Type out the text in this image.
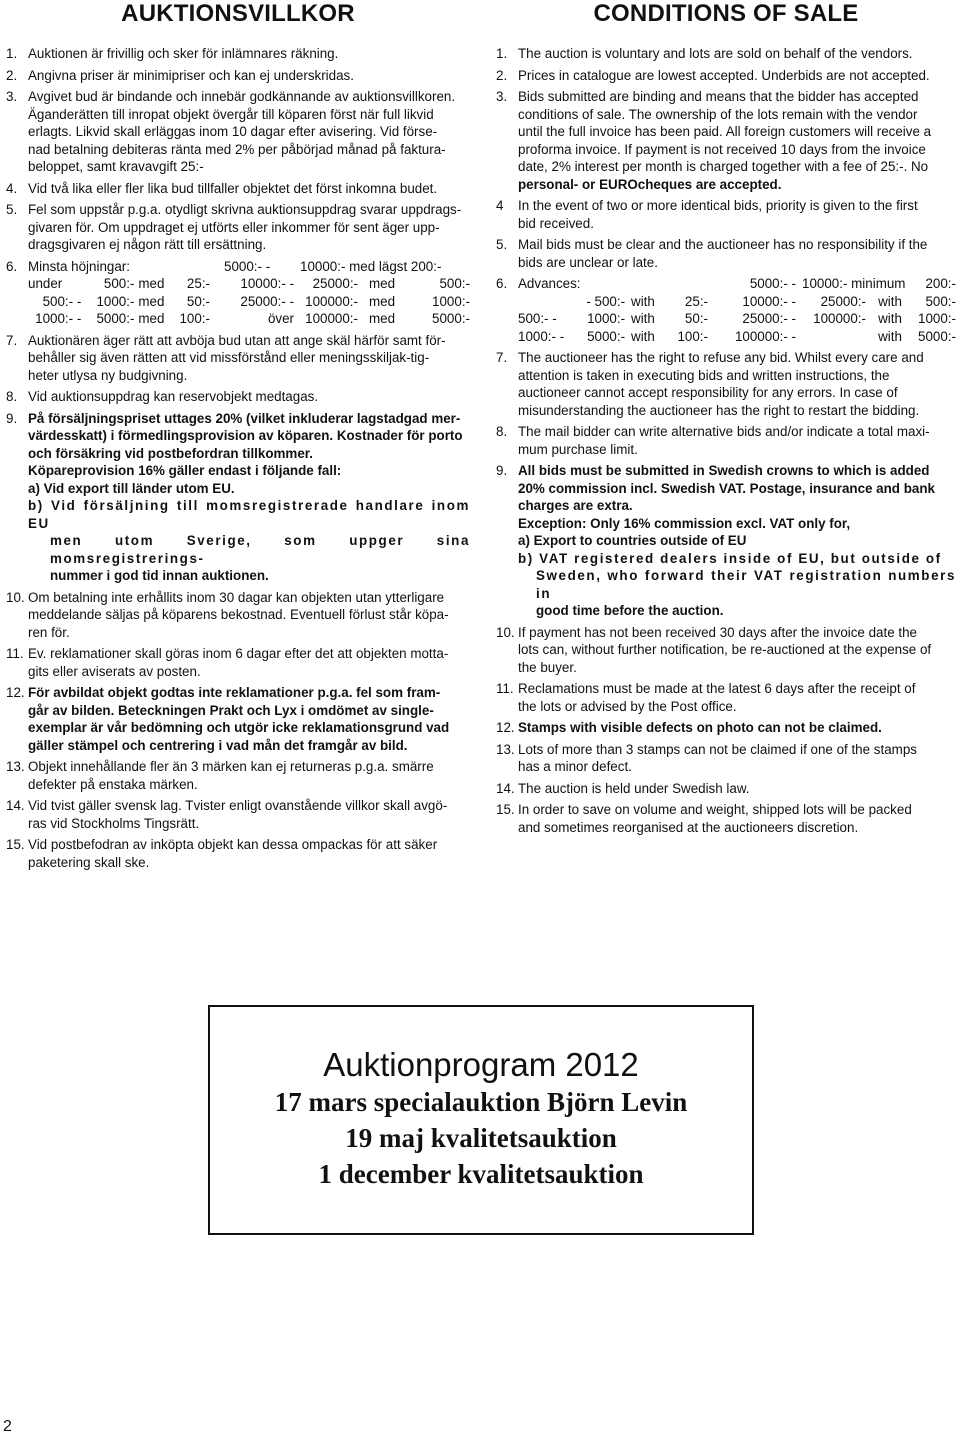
AUKTIONSVILLKOR
1. Auktionen är frivillig och sker för inlämnares räkning.
2. Angivna priser är minimipriser och kan ej underskridas.
3. Avgivet bud är bindande och innebär godkännande av auktionsvillkoren.
Äganderätten till inropat objekt övergår till köparen först när full likvid
erlagts. Likvid skall erläggas inom 10 dagar efter avisering. Vid förse-
nad betalning debiteras ränta med 2% per påbörjad månad på faktura-
beloppet, samt kravavgift 25:-
4. Vid två lika eller fler lika bud tillfaller objektet det först inkomna budet.
5. Fel som uppstår p.g.a. otydligt skrivna auktionsuppdrag svarar uppdrags-
givaren för. Om uppdraget ej utförts eller inkommer för sent äger upp-
dragsgivaren ej någon rätt till ersättning.
6. Minsta höjningar:				5000:- -	10000:- med lägst 200:-		
under	500:-	med	25:-	10000:- -	25000:-	med	500:-
500:- -	1000:-	med	50:-	25000:- -	100000:-	med	1000:-
1000:- -	5000:-	med	100:-	över	100000:-	med	5000:-
7. Auktionären äger rätt att avböja bud utan att ange skäl härför samt för-
behåller sig även rätten att vid missförstånd eller meningsskiljak-tig-
heter utlysa ny budgivning.
8. Vid auktionsuppdrag kan reservobjekt medtagas.
9. På försäljningspriset uttages 20% (vilket inkluderar lagstadgad mer-
värdesskatt) i förmedlingsprovision av köparen. Kostnader för porto
och försäkring vid postbefordran tillkommer.
Köpareprovision 16% gäller endast i följande fall:
a) Vid export till länder utom EU.
b) Vid försäljning till momsregistrerade handlare inom EU
men utom Sverige, som uppger sina momsregistrerings-
nummer i god tid innan auktionen.
10. Om betalning inte erhållits inom 30 dagar kan objekten utan ytterligare
meddelande säljas på köparens bekostnad. Eventuell förlust står köpa-
ren för.
11. Ev. reklamationer skall göras inom 6 dagar efter det att objekten motta-
gits eller aviserats av posten.
12. För avbildat objekt godtas inte reklamationer p.g.a. fel som fram-
går av bilden. Beteckningen Prakt och Lyx i omdömet av single-
exemplar är vår bedömning och utgör icke reklamationsgrund vad
gäller stämpel och centrering i vad mån det framgår av bild.
13. Objekt innehållande fler än 3 märken kan ej returneras p.g.a. smärre
defekter på enstaka märken.
14. Vid tvist gäller svensk lag. Tvister enligt ovanstående villkor skall avgö-
ras vid Stockholms Tingsrätt.
15. Vid postbefodran av inköpta objekt kan dessa ompackas för att säker
paketering skall ske.
CONDITIONS OF SALE
1. The auction is voluntary and lots are sold on behalf of the vendors.
2. Prices in catalogue are lowest accepted. Underbids are not accepted.
3. Bids submitted are binding and means that the bidder has accepted
conditions of sale. The ownership of the lots remain with the vendor
until the full invoice has been paid. All foreign customers will receive a
proforma invoice. If payment is not received 10 days from the invoice
date, 2% interest per month is charged together with a fee of 25:-. No
personal- or EUROcheques are accepted.
4	In the event of two or more identical bids, priority is given to the first
bid received.
5. Mail bids must be clear and the auctioneer has no responsibility if the
bids are unclear or late.
6. Advances:				5000:- -	10000:- minimum		200:-
	- 500:-	with	25:-	10000:- -	25000:-	with	500:-
500:- -	1000:-	with	50:-	25000:- -	100000:-	with	1000:-
1000:- -	5000:-	with	100:-	100000:- -		with	5000:-
7. The auctioneer has the right to refuse any bid. Whilst every care and
attention is taken in executing bids and written instructions, the
auctioneer cannot accept responsibility for any errors. In case of
misunderstanding the auctioneer has the right to restart the bidding.
8. The mail bidder can write alternative bids and/or indicate a total maxi-
mum purchase limit.
9. All bids must be submitted in Swedish crowns to which is added
20% commission incl. Swedish VAT. Postage, insurance and bank
charges are extra.
Exception: Only 16% commission excl. VAT only for,
a) Export to countries outside of EU
b) VAT registered dealers inside of EU, but outside of
Sweden, who forward their VAT registration numbers in
good time before the auction.
10. If payment has not been received 30 days after the invoice date the
lots can, without further notification, be re-auctioned at the expense of
the buyer.
11. Reclamations must be made at the latest 6 days after the receipt of
the lots or advised by the Post office.
12. Stamps with visible defects on photo can not be claimed.
13. Lots of more than 3 stamps can not be claimed if one of the stamps
has a minor defect.
14. The auction is held under Swedish law.
15. In order to save on volume and weight, shipped lots will be packed
and sometimes reorganised at the auctioneers discretion.
Auktionprogram 2012
17 mars specialauktion Björn Levin
19 maj kvalitetsauktion
1 december kvalitetsauktion
2
